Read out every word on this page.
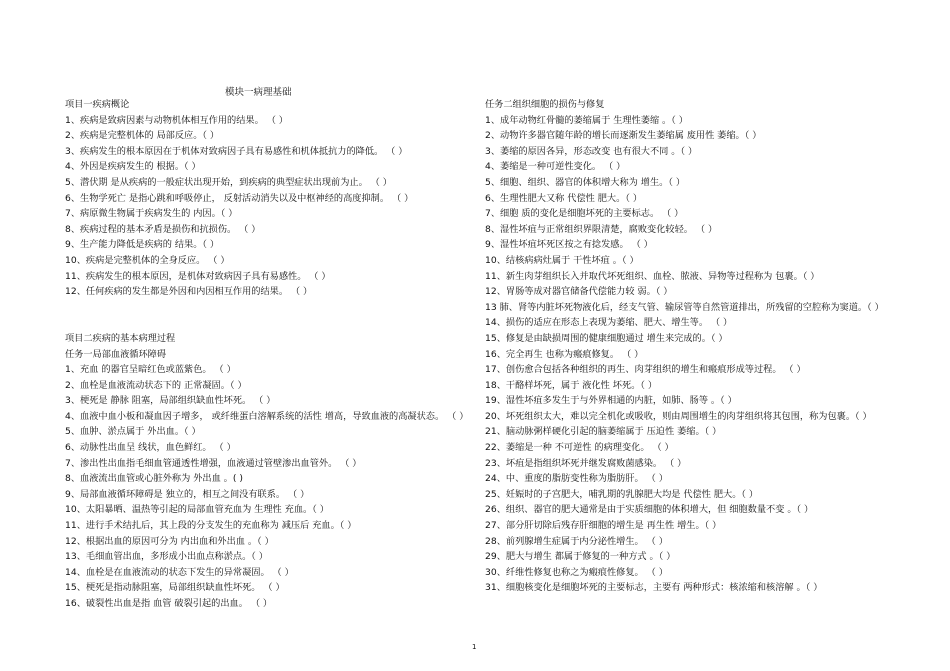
模块一病理基础
项目一疾病概论
1、疾病是致病因素与动物机体相互作用的结果。 （ ）
2、疾病是完整机体的 局部反应。（ ）
3、疾病发生的根本原因在于机体对致病因子具有易感性和机体抵抗力的降低。 （ ）
4、外因是疾病发生的 根据。（ ）
5、潜伏期 是从疾病的一般症状出现开始，到疾病的典型症状出现前为止。 （ ）
6、生物学死亡 是指心跳和呼吸停止， 反射活动消失以及中枢神经的高度抑制。 （ ）
7、病原微生物属于疾病发生的 内因。（ ）
8、疾病过程的基本矛盾是损伤和抗损伤。 （ ）
9、生产能力降低是疾病的 结果。（ ）
10、疾病是完整机体的全身反应。 （ ）
11、疾病发生的根本原因，是机体对致病因子具有易感性。 （ ）
12、任何疾病的发生都是外因和内因相互作用的结果。 （ ）
项目二疾病的基本病理过程
任务一局部血液循环障碍
1、充血 的器官呈暗红色或蓝紫色。 （ ）
2、血栓是血液流动状态下的 正常凝固。（ ）
3、梗死是 静脉 阻塞，局部组织缺血性坏死。 （ ）
4、血液中血小板和凝血因子增多， 或纤维蛋白溶解系统的活性 增高，导致血液的高凝状态。 （ ）
5、血肿、淤点属于 外出血。（ ）
6、动脉性出血呈 线状，血色鲜红。 （ ）
7、渗出性出血指毛细血管通透性增强，血液通过管壁渗出血管外。 （ ）
8、血液流出血管或心脏外称为 外出血 。( )
9、局部血液循环障碍是 独立的，相互之间没有联系。 （ ）
10、太阳暴晒、温热等引起的局部血管充血为 生理性 充血。（ ）
11、进行手术结扎后，其上段的分支发生的充血称为 减压后 充血。（ ）
12、根据出血的原因可分为 内出血和外出血 。（ ）
13、毛细血管出血，多形成小出血点称淤点。（ ）
14、血栓是在血液流动的状态下发生的异常凝固。 （ ）
15、梗死是指动脉阻塞，局部组织缺血性坏死。 （ ）
16、破裂性出血是指 血管 破裂引起的出血。 （ ）
任务二组织细胞的损伤与修复
1、成年动物红骨髓的萎缩属于 生理性萎缩 。（ ）
2、动物许多器官随年龄的增长而逐渐发生萎缩属 废用性 萎缩。（ ）
3、萎缩的原因各异，形态改变 也有很大不同 。（ ）
4、萎缩是一种可逆性变化。 （ ）
5、细胞、组织、器官的体积增大称为 增生。（ ）
6、生理性肥大又称 代偿性 肥大。（ ）
7、细胞 质的变化是细胞坏死的主要标志。 （ ）
8、湿性坏疽与正常组织界限清楚，腐败变化较轻。 （ ）
9、湿性坏疽坏死区按之有捻发感。 （ ）
10、结核病病灶属于 干性坏疽 。（ ）
11、新生肉芽组织长入并取代坏死组织、血栓、脓液、异物等过程称为 包裹。（ ）
12、胃肠等成对器官储备代偿能力较 弱。（ ）
13 肺、肾等内脏坏死物液化后，经支气管、输尿管等自然管道排出，所残留的空腔称为窦道。（ ）
14、损伤的适应在形态上表现为萎缩、肥大、增生等。 （ ）
15、修复是由缺损周围的健康细胞通过 增生来完成的。（ ）
16、完全再生 也称为瘢痕修复。 （ ）
17、创伤愈合包括各种组织的再生、肉芽组织的增生和瘢痕形成等过程。 （ ）
18、干酪样坏死，属于 液化性 坏死。（ ）
19、湿性坏疽多发生于与外界相通的内脏，如肺、肠等 。（ ）
20、坏死组织太大，难以完全机化或吸收，则由周围增生的肉芽组织将其包围，称为包裹。（ ）
21、脑动脉粥样硬化引起的脑萎缩属于 压迫性 萎缩。（ ）
22、萎缩是一种 不可逆性 的病理变化。 （ ）
23、坏疽是指组织坏死并继发腐败菌感染。 （ ）
24、中、重度的脂肪变性称为脂肪肝。 （ ）
25、妊娠时的子宫肥大，哺乳期的乳腺肥大均是 代偿性 肥大。（ ）
26、组织、器官的肥大通常是由于实质细胞的体积增大，但 细胞数量不变 。（ ）
27、部分肝切除后残存肝细胞的增生是 再生性 增生。（ ）
28、前列腺增生症属于内分泌性增生。 （ ）
29、肥大与增生 都属于修复的一种方式 。（ ）
30、纤维性修复也称之为瘢痕性修复。 （ ）
31、细胞核变化是细胞坏死的主要标志，主要有 两种形式：核浓缩和核溶解 。（ ）
1
